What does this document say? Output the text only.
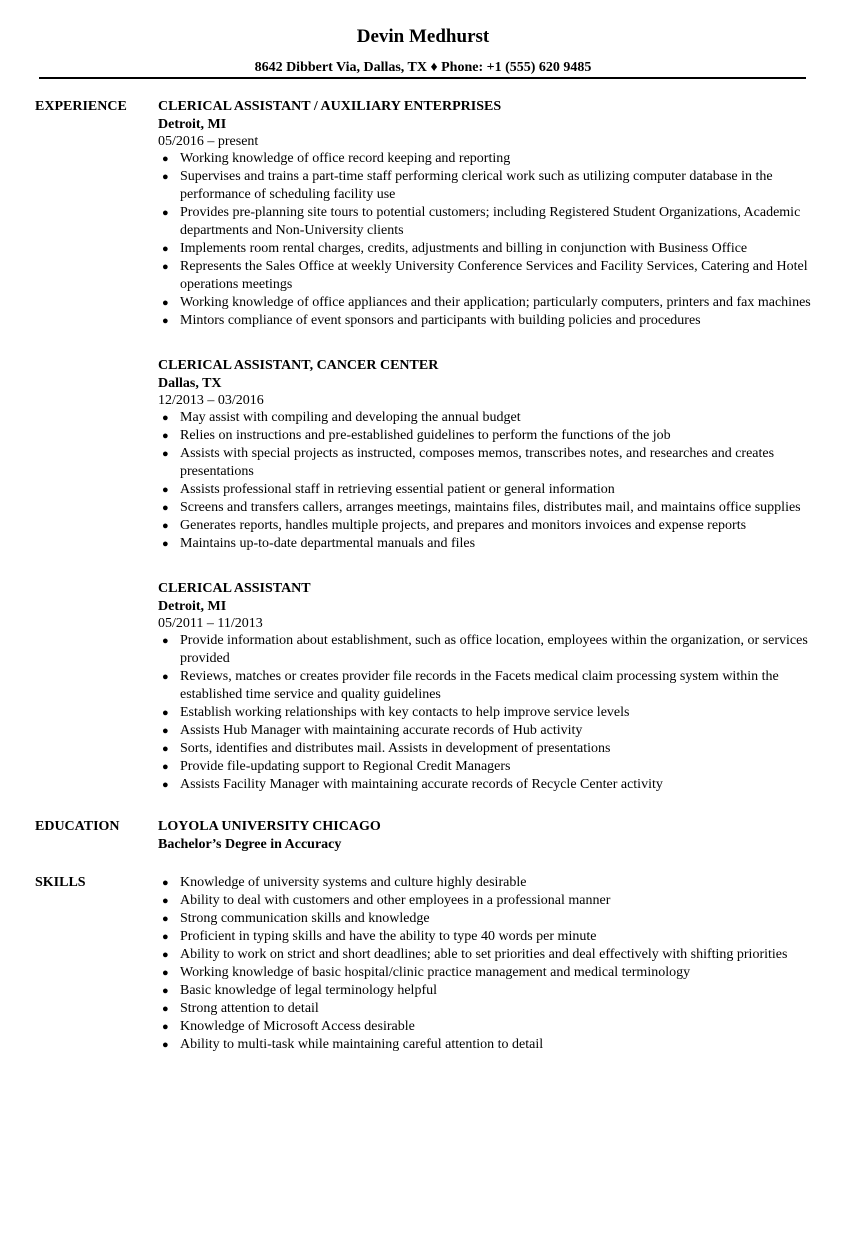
Devin Medhurst
8642 Dibbert Via, Dallas, TX ♦ Phone: +1 (555) 620 9485
EXPERIENCE CLERICAL ASSISTANT / AUXILIARY ENTERPRISES
Detroit, MI
05/2016 – present
● Working knowledge of office record keeping and reporting
● Supervises and trains a part-time staff performing clerical work such as utilizing computer database in the performance of scheduling facility use
● Provides pre-planning site tours to potential customers; including Registered Student Organizations, Academic departments and Non-University clients
● Implements room rental charges, credits, adjustments and billing in conjunction with Business Office
● Represents the Sales Office at weekly University Conference Services and Facility Services, Catering and Hotel operations meetings
● Working knowledge of office appliances and their application; particularly computers, printers and fax machines
● Mintors compliance of event sponsors and participants with building policies and procedures
CLERICAL ASSISTANT, CANCER CENTER
Dallas, TX
12/2013 – 03/2016
● May assist with compiling and developing the annual budget
● Relies on instructions and pre-established guidelines to perform the functions of the job
● Assists with special projects as instructed, composes memos, transcribes notes, and researches and creates presentations
● Assists professional staff in retrieving essential patient or general information
● Screens and transfers callers, arranges meetings, maintains files, distributes mail, and maintains office supplies
● Generates reports, handles multiple projects, and prepares and monitors invoices and expense reports
● Maintains up-to-date departmental manuals and files
CLERICAL ASSISTANT
Detroit, MI
05/2011 – 11/2013
● Provide information about establishment, such as office location, employees within the organization, or services provided
● Reviews, matches or creates provider file records in the Facets medical claim processing system within the established time service and quality guidelines
● Establish working relationships with key contacts to help improve service levels
● Assists Hub Manager with maintaining accurate records of Hub activity
● Sorts, identifies and distributes mail. Assists in development of presentations
● Provide file-updating support to Regional Credit Managers
● Assists Facility Manager with maintaining accurate records of Recycle Center activity
EDUCATION	LOYOLA UNIVERSITY CHICAGO
Bachelor’s Degree in Accuracy
SKILLS	● Knowledge of university systems and culture highly desirable
● Ability to deal with customers and other employees in a professional manner
● Strong communication skills and knowledge
● Proficient in typing skills and have the ability to type 40 words per minute
● Ability to work on strict and short deadlines; able to set priorities and deal effectively with shifting priorities
● Working knowledge of basic hospital/clinic practice management and medical terminology
● Basic knowledge of legal terminology helpful
● Strong attention to detail
● Knowledge of Microsoft Access desirable
● Ability to multi-task while maintaining careful attention to detail
